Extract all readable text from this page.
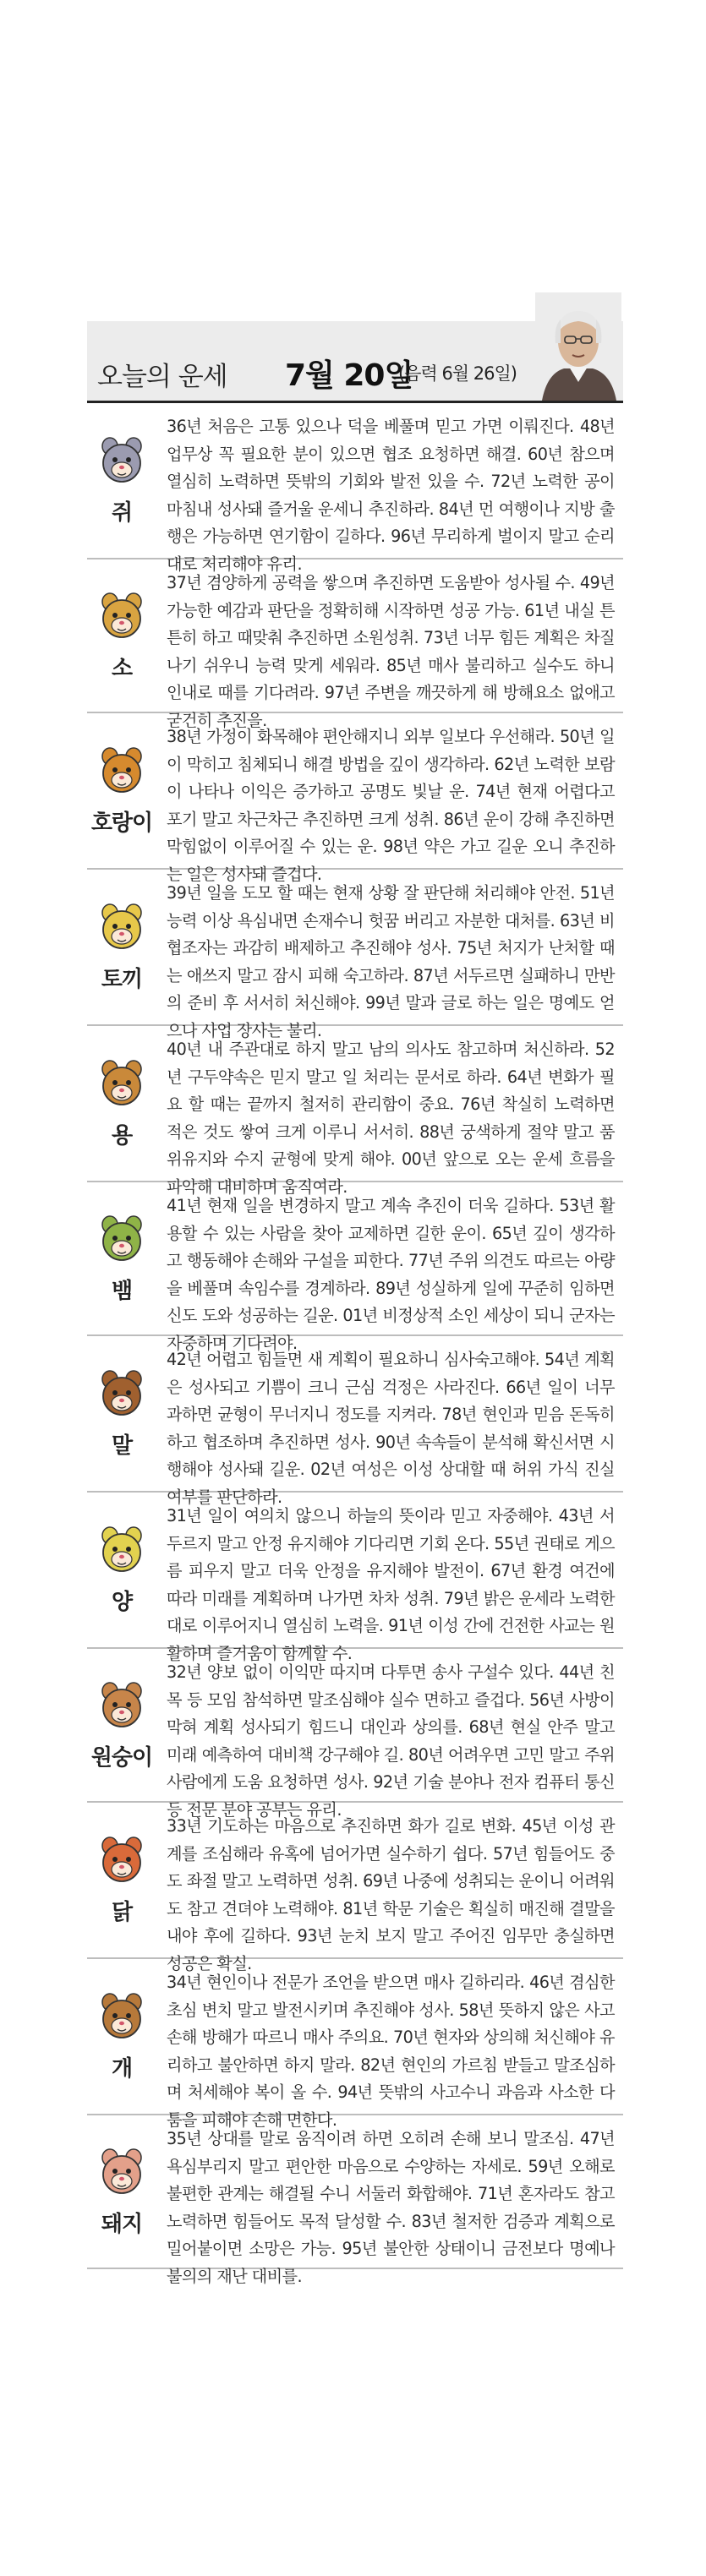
오늘의 운세 7월 20일
(음력 6월 26일)
쥐
36년 처음은 고통 있으나 덕을 베풀며 믿고 가면 이뤄진다. 48년 업무상 꼭 필요한 분이 있으면 협조 요청하면 해결. 60년 참으며 열심히 노력하면 뜻밖의 기회와 발전 있을 수. 72년 노력한 공이 마침내 성사돼 즐거울 운세니 추진하라. 84년 먼 여행이나 지방 출행은 가능하면 연기함이 길하다. 96년 무리하게 벌이지 말고 순리대로 처리해야 유리.
소
37년 겸양하게 공력을 쌓으며 추진하면 도움받아 성사될 수. 49년 가능한 예감과 판단을 정확히해 시작하면 성공 가능. 61년 내실 튼튼히 하고 때맞춰 추진하면 소원성취. 73년 너무 힘든 계획은 차질 나기 쉬우니 능력 맞게 세워라. 85년 매사 불리하고 실수도 하니 인내로 때를 기다려라. 97년 주변을 깨끗하게 해 방해요소 없애고 굳건히 추진을.
호랑이
38년 가정이 화목해야 편안해지니 외부 일보다 우선해라. 50년 일이 막히고 침체되니 해결 방법을 깊이 생각하라. 62년 노력한 보람이 나타나 이익은 증가하고 공명도 빛날 운. 74년 현재 어렵다고 포기 말고 차근차근 추진하면 크게 성취. 86년 운이 강해 추진하면 막힘없이 이루어질 수 있는 운. 98년 약은 가고 길운 오니 추진하는 일은 성사돼 즐겁다.
토끼
39년 일을 도모 할 때는 현재 상황 잘 판단해 처리해야 안전. 51년 능력 이상 욕심내면 손재수니 헛꿈 버리고 자분한 대처를. 63년 비협조자는 과감히 배제하고 추진해야 성사. 75년 처지가 난처할 때는 애쓰지 말고 잠시 피해 숙고하라. 87년 서두르면 실패하니 만반의 준비 후 서서히 처신해야. 99년 말과 글로 하는 일은 명예도 얻으나 사업 장사는 불리.
용
40년 내 주관대로 하지 말고 남의 의사도 참고하며 처신하라. 52년 구두약속은 믿지 말고 일 처리는 문서로 하라. 64년 변화가 필요 할 때는 끝까지 철저히 관리함이 중요. 76년 착실히 노력하면 적은 것도 쌓여 크게 이루니 서서히. 88년 궁색하게 절약 말고 품위유지와 수지 균형에 맞게 해야. 00년 앞으로 오는 운세 흐름을 파악해 대비하며 움직여라.
뱀
41년 현재 일을 변경하지 말고 계속 추진이 더욱 길하다. 53년 활용할 수 있는 사람을 찾아 교제하면 길한 운이. 65년 깊이 생각하고 행동해야 손해와 구설을 피한다. 77년 주위 의견도 따르는 아량을 베풀며 속임수를 경계하라. 89년 성실하게 일에 꾸준히 임하면 신도 도와 성공하는 길운. 01년 비정상적 소인 세상이 되니 군자는 자중하며 기다려야.
말
42년 어렵고 힘들면 새 계획이 필요하니 심사숙고해야. 54년 계획은 성사되고 기쁨이 크니 근심 걱정은 사라진다. 66년 일이 너무 과하면 균형이 무너지니 정도를 지켜라. 78년 현인과 믿음 돈독히 하고 협조하며 추진하면 성사. 90년 속속들이 분석해 확신서면 시행해야 성사돼 길운. 02년 여성은 이성 상대할 때 허위 가식 진실 여부를 판단하라.
양
31년 일이 여의치 않으니 하늘의 뜻이라 믿고 자중해야. 43년 서두르지 말고 안정 유지해야 기다리면 기회 온다. 55년 권태로 게으름 피우지 말고 더욱 안정을 유지해야 발전이. 67년 환경 여건에 따라 미래를 계획하며 나가면 차차 성취. 79년 밝은 운세라 노력한 대로 이루어지니 열심히 노력을. 91년 이성 간에 건전한 사교는 원활하며 즐거움이 함께할 수.
원숭이
32년 양보 없이 이익만 따지며 다투면 송사 구설수 있다. 44년 친목 등 모임 참석하면 말조심해야 실수 면하고 즐겁다. 56년 사방이 막혀 계획 성사되기 힘드니 대인과 상의를. 68년 현실 안주 말고 미래 예측하여 대비책 강구해야 길. 80년 어려우면 고민 말고 주위 사람에게 도움 요청하면 성사. 92년 기술 분야나 전자 컴퓨터 통신 등 전문 분야 공부는 유리.
닭
33년 기도하는 마음으로 추진하면 화가 길로 변화. 45년 이성 관계를 조심해라 유혹에 넘어가면 실수하기 쉽다. 57년 힘들어도 중도 좌절 말고 노력하면 성취. 69년 나중에 성취되는 운이니 어려워도 참고 견뎌야 노력해야. 81년 학문 기술은 획실히 매진해 결말을 내야 후에 길하다. 93년 눈치 보지 말고 주어진 임무만 충실하면 성공은 확실.
개
34년 현인이나 전문가 조언을 받으면 매사 길하리라. 46년 겸심한 초심 변치 말고 발전시키며 추진해야 성사. 58년 뜻하지 않은 사고 손해 방해가 따르니 매사 주의요. 70년 현자와 상의해 처신해야 유리하고 불안하면 하지 말라. 82년 현인의 가르침 받들고 말조심하며 처세해야 복이 올 수. 94년 뜻밖의 사고수니 과음과 사소한 다툼을 피해야 손해 면한다.
돼지
35년 상대를 말로 움직이려 하면 오히려 손해 보니 말조심. 47년 욕심부리지 말고 편안한 마음으로 수양하는 자세로. 59년 오해로 불편한 관계는 해결될 수니 서둘러 화합해야. 71년 혼자라도 참고 노력하면 힘들어도 목적 달성할 수. 83년 철저한 검증과 계획으로 밀어붙이면 소망은 가능. 95년 불안한 상태이니 금전보다 명예나 불의의 재난 대비를.
